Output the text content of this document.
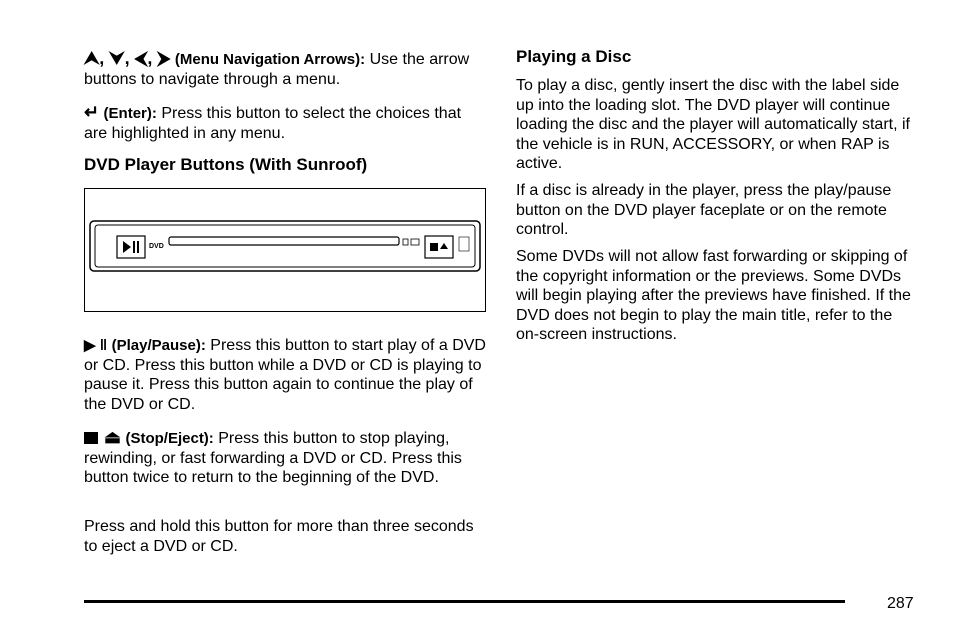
⮝, ⮟, ⮜, ⮞ (Menu Navigation Arrows): Use the arrow buttons to navigate through a menu.

↵ (Enter): Press this button to select the choices that are highlighted in any menu.

DVD Player Buttons (With Sunroof)
DVD

▶ ‖ (Play/Pause): Press this button to start play of a DVD or CD. Press this button while a DVD or CD is playing to pause it. Press this button again to continue the play of the DVD or CD.

⏏ (Stop/Eject): Press this button to stop playing, rewinding, or fast forwarding a DVD or CD. Press this button twice to return to the beginning of the DVD.

Press and hold this button for more than three seconds to eject a DVD or CD.

Playing a Disc

To play a disc, gently insert the disc with the label side up into the loading slot. The DVD player will continue loading the disc and the player will automatically start, if the vehicle is in RUN, ACCESSORY, or when RAP is active.

If a disc is already in the player, press the play/pause button on the DVD player faceplate or on the remote control.

Some DVDs will not allow fast forwarding or skipping of the copyright information or the previews. Some DVDs will begin playing after the previews have finished. If the DVD does not begin to play the main title, refer to the on-screen instructions.

287
